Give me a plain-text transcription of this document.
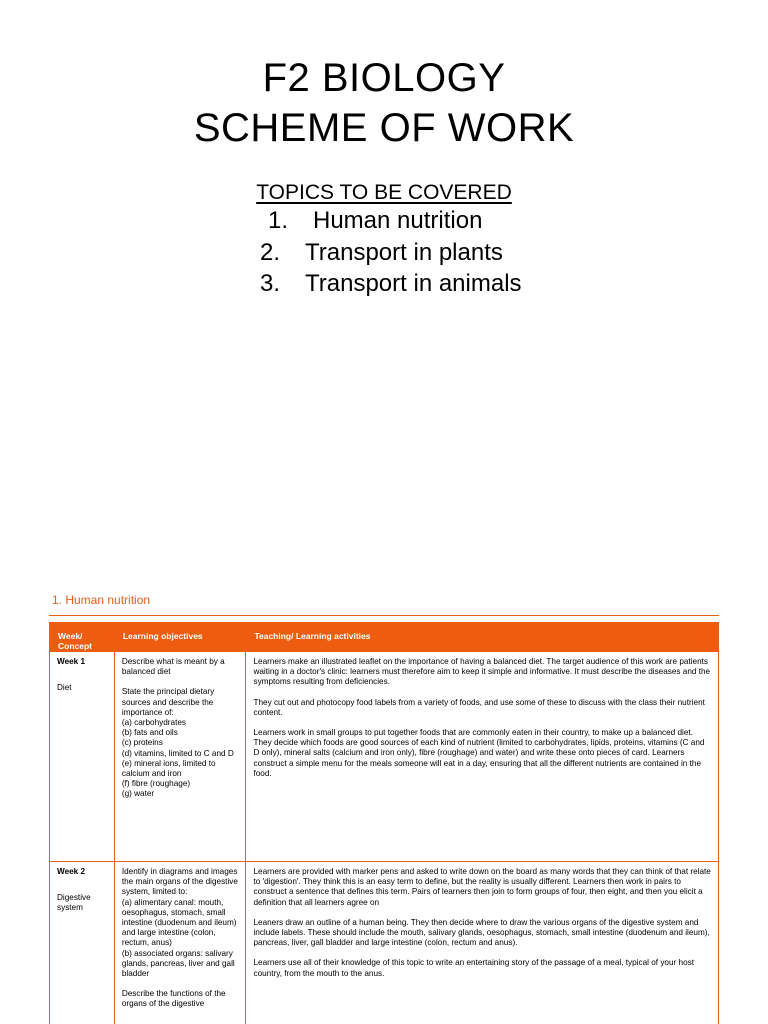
F2 BIOLOGY
SCHEME OF WORK
TOPICS TO BE COVERED
1. Human nutrition
2. Transport in plants
3. Transport in animals
1. Human nutrition
Week/
Concept
Learning objectives	Teaching/ Learning activities
Week 1
Diet
Describe what is meant by a balanced diet
State the principal dietary sources and describe the importance of:
(a) carbohydrates
(b) fats and oils
(c) proteins
(d) vitamins, limited to C and D
(e) mineral ions, limited to calcium and iron
(f) fibre (roughage)
(g) water
Learners make an illustrated leaflet on the importance of having a balanced diet. The target audience of this work are patients waiting in a doctor's clinic: learners must therefore aim to keep it simple and informative. It must describe the diseases and the symptoms resulting from deficiencies.
They cut out and photocopy food labels from a variety of foods, and use some of these to discuss with the class their nutrient content.
Learners work in small groups to put together foods that are commonly eaten in their country, to make up a balanced diet. They decide which foods are good sources of each kind of nutrient (limited to carbohydrates, lipids, proteins, vitamins (C and D only), mineral salts (calcium and iron only), fibre (roughage) and water) and write these onto pieces of card. Learners construct a simple menu for the meals someone will eat in a day, ensuring that all the different nutrients are contained in the food.
Week 2
Digestive system
Identify in diagrams and images the main organs of the digestive system, limited to:
(a) alimentary canal: mouth, oesophagus, stomach, small intestine (duodenum and ileum) and large intestine (colon, rectum, anus)
(b) associated organs: salivary glands, pancreas, liver and gall bladder
Describe the functions of the organs of the digestive
Learners are provided with marker pens and asked to write down on the board as many words that they can think of that relate to 'digestion'. They think this is an easy term to define, but the reality is usually different. Learners then work in pairs to construct a sentence that defines this term. Pairs of learners then join to form groups of four, then eight, and then you elicit a definition that all learners agree on
Leaners draw an outline of a human being. They then decide where to draw the various organs of the digestive system and include labels. These should include the mouth, salivary glands, oesophagus, stomach, small intestine (duodenum and ileum), pancreas, liver, gall bladder and large intestine (colon, rectum and anus).
Learners use all of their knowledge of this topic to write an entertaining story of the passage of a meal, typical of your host country, from the mouth to the anus.
